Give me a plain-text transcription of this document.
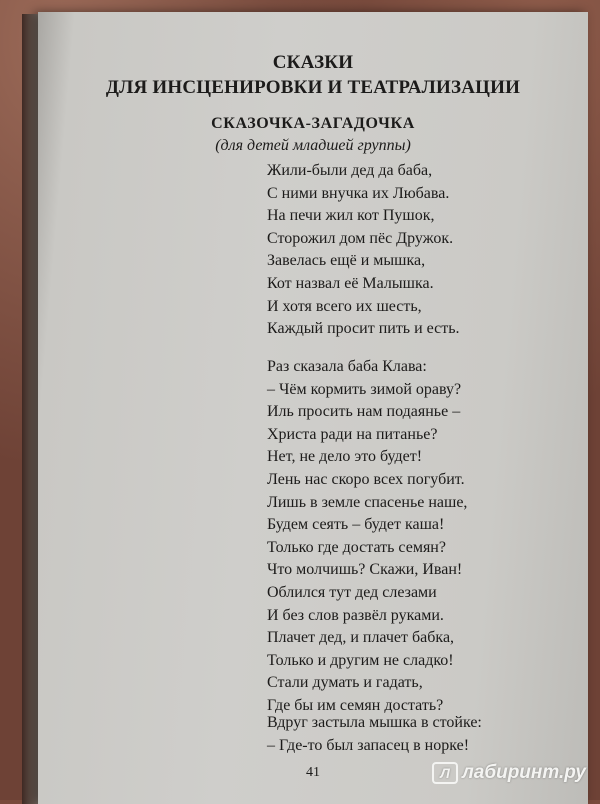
СКАЗКИ
ДЛЯ ИНСЦЕНИРОВКИ И ТЕАТРАЛИЗАЦИИ
СКАЗОЧКА-ЗАГАДОЧКА
(для детей младшей группы)
Жили-были дед да баба,
С ними внучка их Любава.
На печи жил кот Пушок,
Сторожил дом пёс Дружок.
Завелась ещё и мышка,
Кот назвал её Малышка.
И хотя всего их шесть,
Каждый просит пить и есть.
Раз сказала баба Клава:
– Чём кормить зимой ораву?
Иль просить нам подаянье –
Христа ради на питанье?
Нет, не дело это будет!
Лень нас скоро всех погубит.
Лишь в земле спасенье наше,
Будем сеять – будет каша!
Только где достать семян?
Что молчишь? Скажи, Иван!
Облился тут дед слезами
И без слов развёл руками.
Плачет дед, и плачет бабка,
Только и другим не сладко!
Стали думать и гадать,
Где бы им семян достать?
Вдруг застыла мышка в стойке:
– Где-то был запасец в норке!
41	Л лабиринт.ру
